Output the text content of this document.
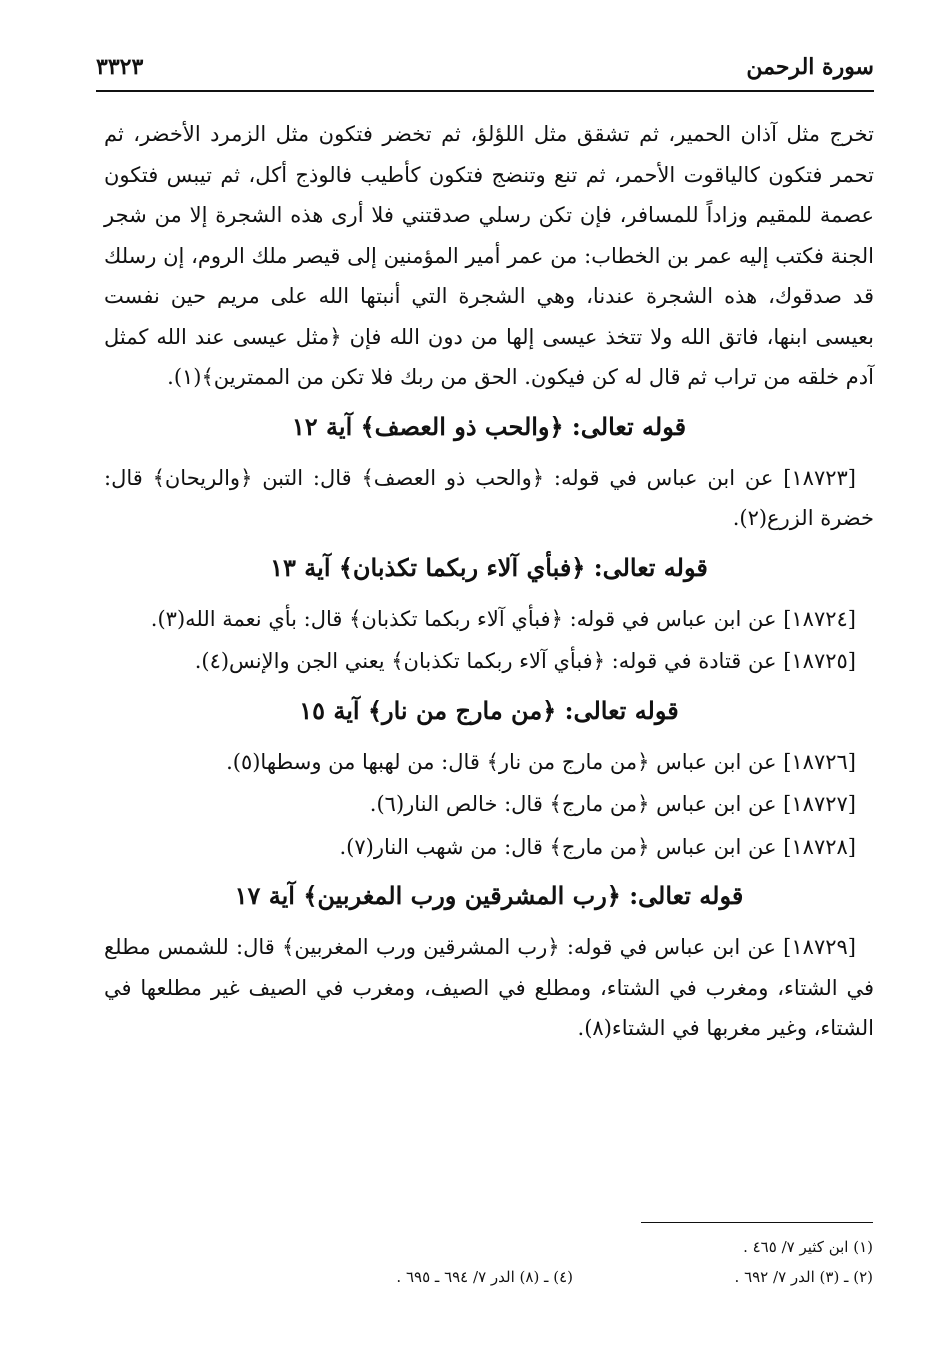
سورة الرحمن
٣٣٢٣

تخرج مثل آذان الحمير، ثم تشقق مثل اللؤلؤ، ثم تخضر فتكون مثل الزمرد الأخضر، ثم تحمر فتكون كالياقوت الأحمر، ثم تنع وتنضج فتكون كأطيب فالوذج أكل، ثم تيبس فتكون عصمة للمقيم وزاداً للمسافر، فإن تكن رسلي صدقتني فلا أرى هذه الشجرة إلا من شجر الجنة فكتب إليه عمر بن الخطاب: من عمر أمير المؤمنين إلى قيصر ملك الروم، إن رسلك قد صدقوك، هذه الشجرة عندنا، وهي الشجرة التي أنبتها الله على مريم حين نفست بعيسى ابنها، فاتق الله ولا تتخذ عيسى إلها من دون الله فإن ﴿مثل عيسى عند الله كمثل آدم خلقه من تراب ثم قال له كن فيكون. الحق من ربك فلا تكن من الممترين﴾(١).

قوله تعالى: ﴿والحب ذو العصف﴾ آية ١٢

[١٨٧٢٣] عن ابن عباس في قوله: ﴿والحب ذو العصف﴾ قال: التبن ﴿والريحان﴾ قال: خضرة الزرع(٢).

قوله تعالى: ﴿فبأي آلاء ربكما تكذبان﴾ آية ١٣

[١٨٧٢٤] عن ابن عباس في قوله: ﴿فبأي آلاء ربكما تكذبان﴾ قال: بأي نعمة الله(٣).

[١٨٧٢٥] عن قتادة في قوله: ﴿فبأي آلاء ربكما تكذبان﴾ يعني الجن والإنس(٤).

قوله تعالى: ﴿من مارج من نار﴾ آية ١٥

[١٨٧٢٦] عن ابن عباس ﴿من مارج من نار﴾ قال: من لهبها من وسطها(٥).

[١٨٧٢٧] عن ابن عباس ﴿من مارج﴾ قال: خالص النار(٦).

[١٨٧٢٨] عن ابن عباس ﴿من مارج﴾ قال: من شهب النار(٧).

قوله تعالى: ﴿رب المشرقين ورب المغربين﴾ آية ١٧

[١٨٧٢٩] عن ابن عباس في قوله: ﴿رب المشرقين ورب المغربين﴾ قال: للشمس مطلع في الشتاء، ومغرب في الشتاء، ومطلع في الصيف، ومغرب في الصيف غير مطلعها في الشتاء، وغير مغربها في الشتاء(٨).

(١) ابن كثير ٧/ ٤٦٥ .
(٢) ـ (٣) الدر ٧/ ٦٩٢ .
(٤) ـ (٨) الدر ٧/ ٦٩٤ ـ ٦٩٥ .
